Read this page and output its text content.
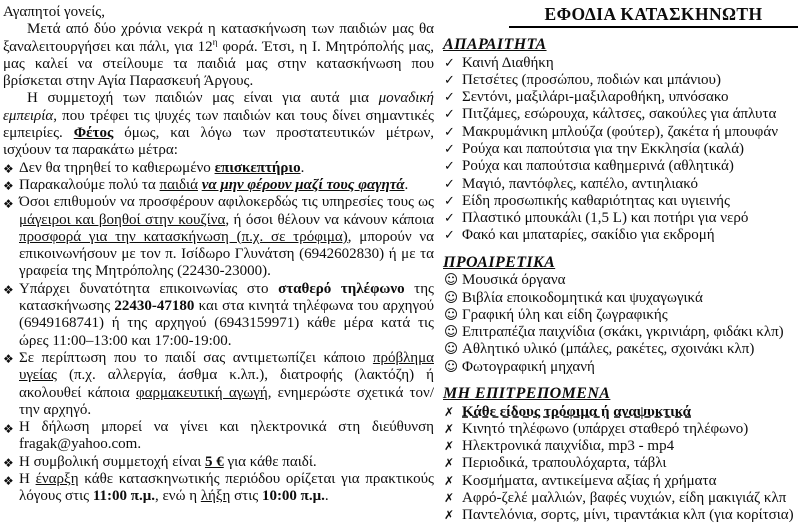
Αγαπητοί γονείς,
Μετά από δύο χρόνια νεκρά η κατασκήνωση των παιδιών μας θα ξαναλειτουργήσει και πάλι, για $12^\eta$ φορά. Έτσι, η Ι. Μητρόπολής μας, μας καλεί να στείλουμε τα παιδιά μας στην κατασκήνωση που βρίσκεται στην Αγία Παρασκευή Άργους.
Η συμμετοχή των παιδιών μας είναι για αυτά μια μοναδική εμπειρία, που τρέφει τις ψυχές των παιδιών και τους δίνει σημαντικές εμπειρίες. Φέτος όμως, και λόγω των προστατευτικών μέτρων, ισχύουν τα παρακάτω μέτρα:
❖ Δεν θα τηρηθεί το καθιερωμένο επισκεπτήριο.
❖ Παρακαλούμε πολύ τα παιδιά να μην φέρουν μαζί τους φαγητά.
❖ Όσοι επιθυμούν να προσφέρουν αφιλοκερδώς τις υπηρεσίες τους ως μάγειροι και βοηθοί στην κουζίνα, ή όσοι θέλουν να κάνουν κάποια προσφορά για την κατασκήνωση (π.χ. σε τρόφιμα), μπορούν να επικοινωνήσουν με τον π. Ισίδωρο Γλυνάτση (6942602830) ή με τα γραφεία της Μητρόπολης (22430-23000).
❖ Υπάρχει δυνατότητα επικοινωνίας στο σταθερό τηλέφωνο της κατασκήνωσης 22430-47180 και στα κινητά τηλέφωνα του αρχηγού (6949168741) ή της αρχηγού (6943159971) κάθε μέρα κατά τις ώρες 11:00–13:00 και 17:00-19:00.
❖ Σε περίπτωση που το παιδί σας αντιμετωπίζει κάποιο πρόβλημα υγείας (π.χ. αλλεργία, άσθμα κ.λπ.), διατροφής (λακτόζη) ή ακολουθεί κάποια φαρμακευτική αγωγή, ενημερώστε σχετικά τον/την αρχηγό.
❖ Η δήλωση μπορεί να γίνει και ηλεκτρονικά στη διεύθυνση fragak@yahoo.com.
❖ Η συμβολική συμμετοχή είναι 5 € για κάθε παιδί.
❖ Η έναρξη κάθε κατασκηνωτικής περιόδου ορίζεται για πρακτικούς λόγους στις 11:00 π.μ., ενώ η λήξη στις 10:00 π.μ..
ΕΦΟΔΙΑ ΚΑΤΑΣΚΗΝΩΤΗ
ΑΠΑΡΑΙΤΗΤΑ
✓ Καινή Διαθήκη
✓ Πετσέτες (προσώπου, ποδιών και μπάνιου)
✓ Σεντόνι, μαξιλάρι-μαξιλαροθήκη, υπνόσακο
✓ Πιτζάμες, εσώρουχα, κάλτσες, σακούλες για άπλυτα
✓ Μακρυμάνικη μπλούζα (φούτερ), ζακέτα ή μπουφάν
✓ Ρούχα και παπούτσια για την Εκκλησία (καλά)
✓ Ρούχα και παπούτσια καθημερινά (αθλητικά)
✓ Μαγιό, παντόφλες, καπέλο, αντιηλιακό
✓ Είδη προσωπικής καθαριότητας και υγιεινής
✓ Πλαστικό μπουκάλι (1,5 L) και ποτήρι για νερό
✓ Φακό και μπαταρίες, σακίδιο για εκδρομή
ΠΡΟΑΙΡΕΤΙΚΑ
☺ Μουσικά όργανα
☺ Βιβλία εποικοδομητικά και ψυχαγωγικά
☺ Γραφική ύλη και είδη ζωγραφικής
☺ Επιτραπέζια παιχνίδια (σκάκι, γκρινιάρη, φιδάκι κλπ)
☺ Αθλητικό υλικό (μπάλες, ρακέτες, σχοινάκι κλπ)
☺ Φωτογραφική μηχανή
ΜΗ ΕΠΙΤΡΕΠΟΜΕΝΑ
✗ Κάθε είδους τρόφιμα ή αναψυκτικά
✗ Κινητό τηλέφωνο (υπάρχει σταθερό τηλέφωνο)
✗ Ηλεκτρονικά παιχνίδια, mp3 - mp4
✗ Περιοδικά, τραπουλόχαρτα, τάβλι
✗ Κοσμήματα, αντικείμενα αξίας ή χρήματα
✗ Αφρό-ζελέ μαλλιών, βαφές νυχιών, είδη μακιγιάζ κλπ
✗ Παντελόνια, σορτς, μίνι, τιραντάκια κλπ (για κορίτσια)
